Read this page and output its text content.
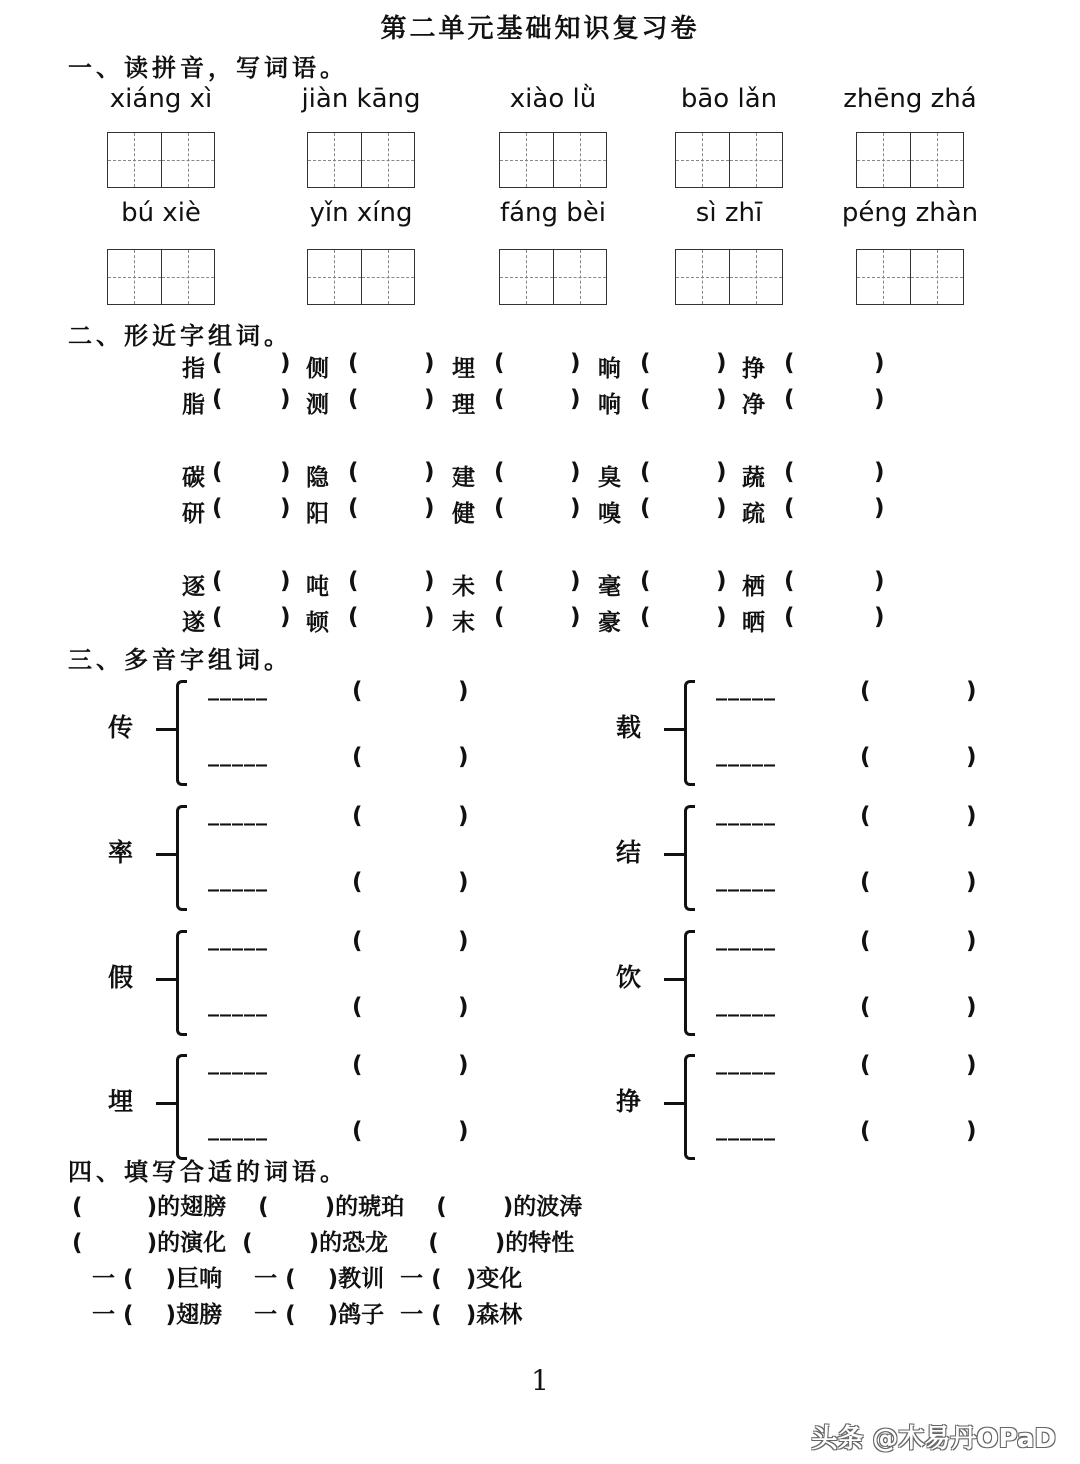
第二单元基础知识复习卷
一、读拼音，写词语。
二、形近字组词。
三、多音字组词。
四、填写合适的词语。
(        )的翅膀    (       )的琥珀    (       )的波涛
(        )的演化  (       )的恐龙     (       )的特性
一 (    )巨响    一 (    )教训  一 (   )变化
一 (    )翅膀    一 (    )鸽子  一 (   )森林
1
头条 @木易丹OPaD
xiáng xì	jiàn kāng	xiào lǜ	bāo lǎn	zhēng zhá
bú xiè	yǐn xíng	fáng bèi	sì zhī	péng zhàn
指 ( ) 侧 (	) 埋 (	) 晌 (	) 挣 (	)
脂 ( ) 测 (	) 理 (	) 响 (	) 净 (	)
碳 ( ) 隐 (	) 建 (	) 臭 (	) 蔬 (	)
研 ( ) 阳 (	) 健 (	) 嗅 (	) 疏 (	)
逐 ( ) 吨 (	) 未 (	) 毫 (	) 栖 (	)
遂 ( ) 顿 (	) 末 (	) 豪 (	) 晒 (	)
传
_____	(	)
_____	(	)
载
_____	(	)
_____	(	)
率
_____	(	)
_____	(	)
结
_____	(	)
_____	(	)
假
_____	(	)
_____	(	)
饮
_____	(	)
_____	(	)
埋
_____	(	)
_____	(	)
挣
_____	(	)
_____	(	)
